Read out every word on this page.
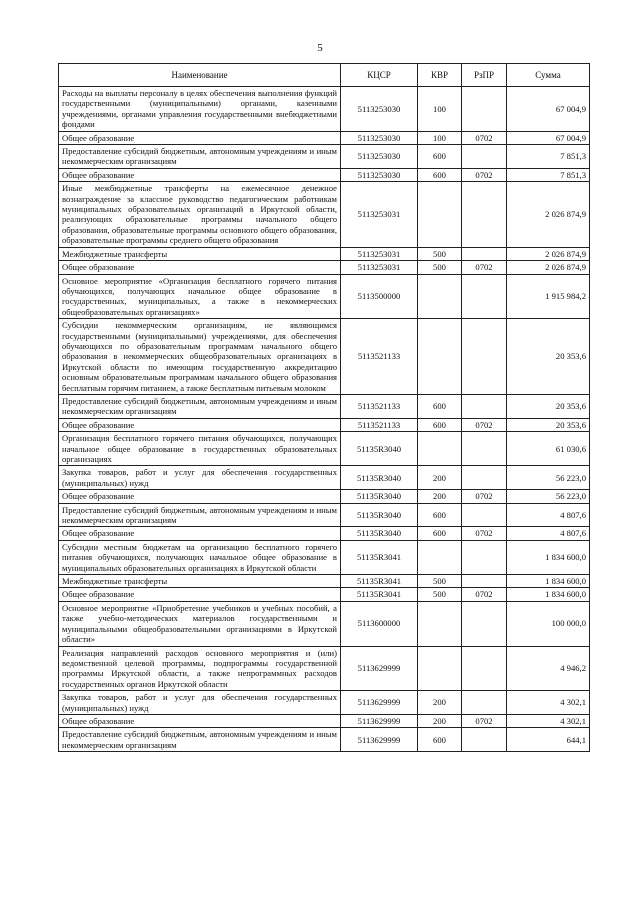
5
Наименование	КЦСР	КВР	РзПР	Сумма
Расходы на выплаты персоналу в целях обеспечения выполнения функций государственными (муниципальными) органами, казенными учреждениями, органами управления государственными внебюджетными фондами	5113253030	100		67 004,9
Общее образование	5113253030	100	0702	67 004,9
Предоставление субсидий бюджетным, автономным учреждениям и иным некоммерческим организациям	5113253030	600		7 851,3
Общее образование	5113253030	600	0702	7 851,3
Иные межбюджетные трансферты на ежемесячное денежное вознаграждение за классное руководство педагогическим работникам муниципальных образовательных организаций в Иркутской области, реализующих образовательные программы начального общего образования, образовательные программы основного общего образования, образовательные программы среднего общего образования	5113253031			2 026 874,9
Межбюджетные трансферты	5113253031	500		2 026 874,9
Общее образование	5113253031	500	0702	2 026 874,9
Основное мероприятие «Организация бесплатного горячего питания обучающихся, получающих начальное общее образование в государственных, муниципальных, а также в некоммерческих общеобразовательных организациях»	5113500000			1 915 984,2
Субсидии некоммерческим организациям, не являющимся государственными (муниципальными) учреждениями, для обеспечения обучающихся по образовательным программам начального общего образования в некоммерческих общеобразовательных организациях в Иркутской области по имеющим государственную аккредитацию основным образовательным программам начального общего образования бесплатным горячим питанием, а также бесплатным питьевым молоком	5113521133			20 353,6
Предоставление субсидий бюджетным, автономным учреждениям и иным некоммерческим организациям	5113521133	600		20 353,6
Общее образование	5113521133	600	0702	20 353,6
Организация бесплатного горячего питания обучающихся, получающих начальное общее образование в государственных образовательных организациях	51135R3040			61 030,6
Закупка товаров, работ и услуг для обеспечения государственных (муниципальных) нужд	51135R3040	200		56 223,0
Общее образование	51135R3040	200	0702	56 223,0
Предоставление субсидий бюджетным, автономным учреждениям и иным некоммерческим организациям	51135R3040	600		4 807,6
Общее образование	51135R3040	600	0702	4 807,6
Субсидии местным бюджетам на организацию бесплатного горячего питания обучающихся, получающих начальное общее образование в муниципальных образовательных организациях в Иркутской области	51135R3041			1 834 600,0
Межбюджетные трансферты	51135R3041	500		1 834 600,0
Общее образование	51135R3041	500	0702	1 834 600,0
Основное мероприятие «Приобретение учебников и учебных пособий, а также учебно-методических материалов государственными и муниципальными общеобразовательными организациями в Иркутской области»	5113600000			100 000,0
Реализация направлений расходов основного мероприятия и (или) ведомственной целевой программы, подпрограммы государственной программы Иркутской области, а также непрограммных расходов государственных органов Иркутской области	5113629999			4 946,2
Закупка товаров, работ и услуг для обеспечения государственных (муниципальных) нужд	5113629999	200		4 302,1
Общее образование	5113629999	200	0702	4 302,1
Предоставление субсидий бюджетным, автономным учреждениям и иным некоммерческим организациям	5113629999	600		644,1
